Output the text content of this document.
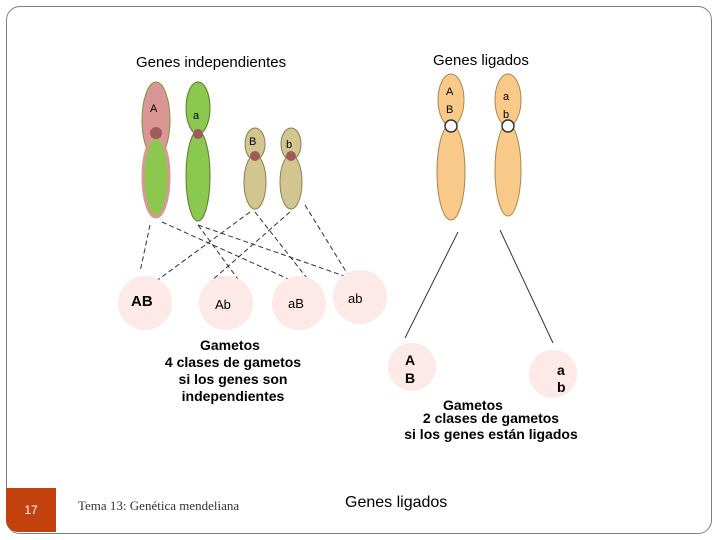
Genes independientes	Genes ligados
A
a
B	b
A
B
a
b
AB	Ab	aB	ab
Gametos
4 clases de gametos
si los genes son
independientes
A
B	a
b
Gametos
2 clases de gametos
si los genes están ligados
17	Tema 13: Genética mendeliana	Genes ligados
